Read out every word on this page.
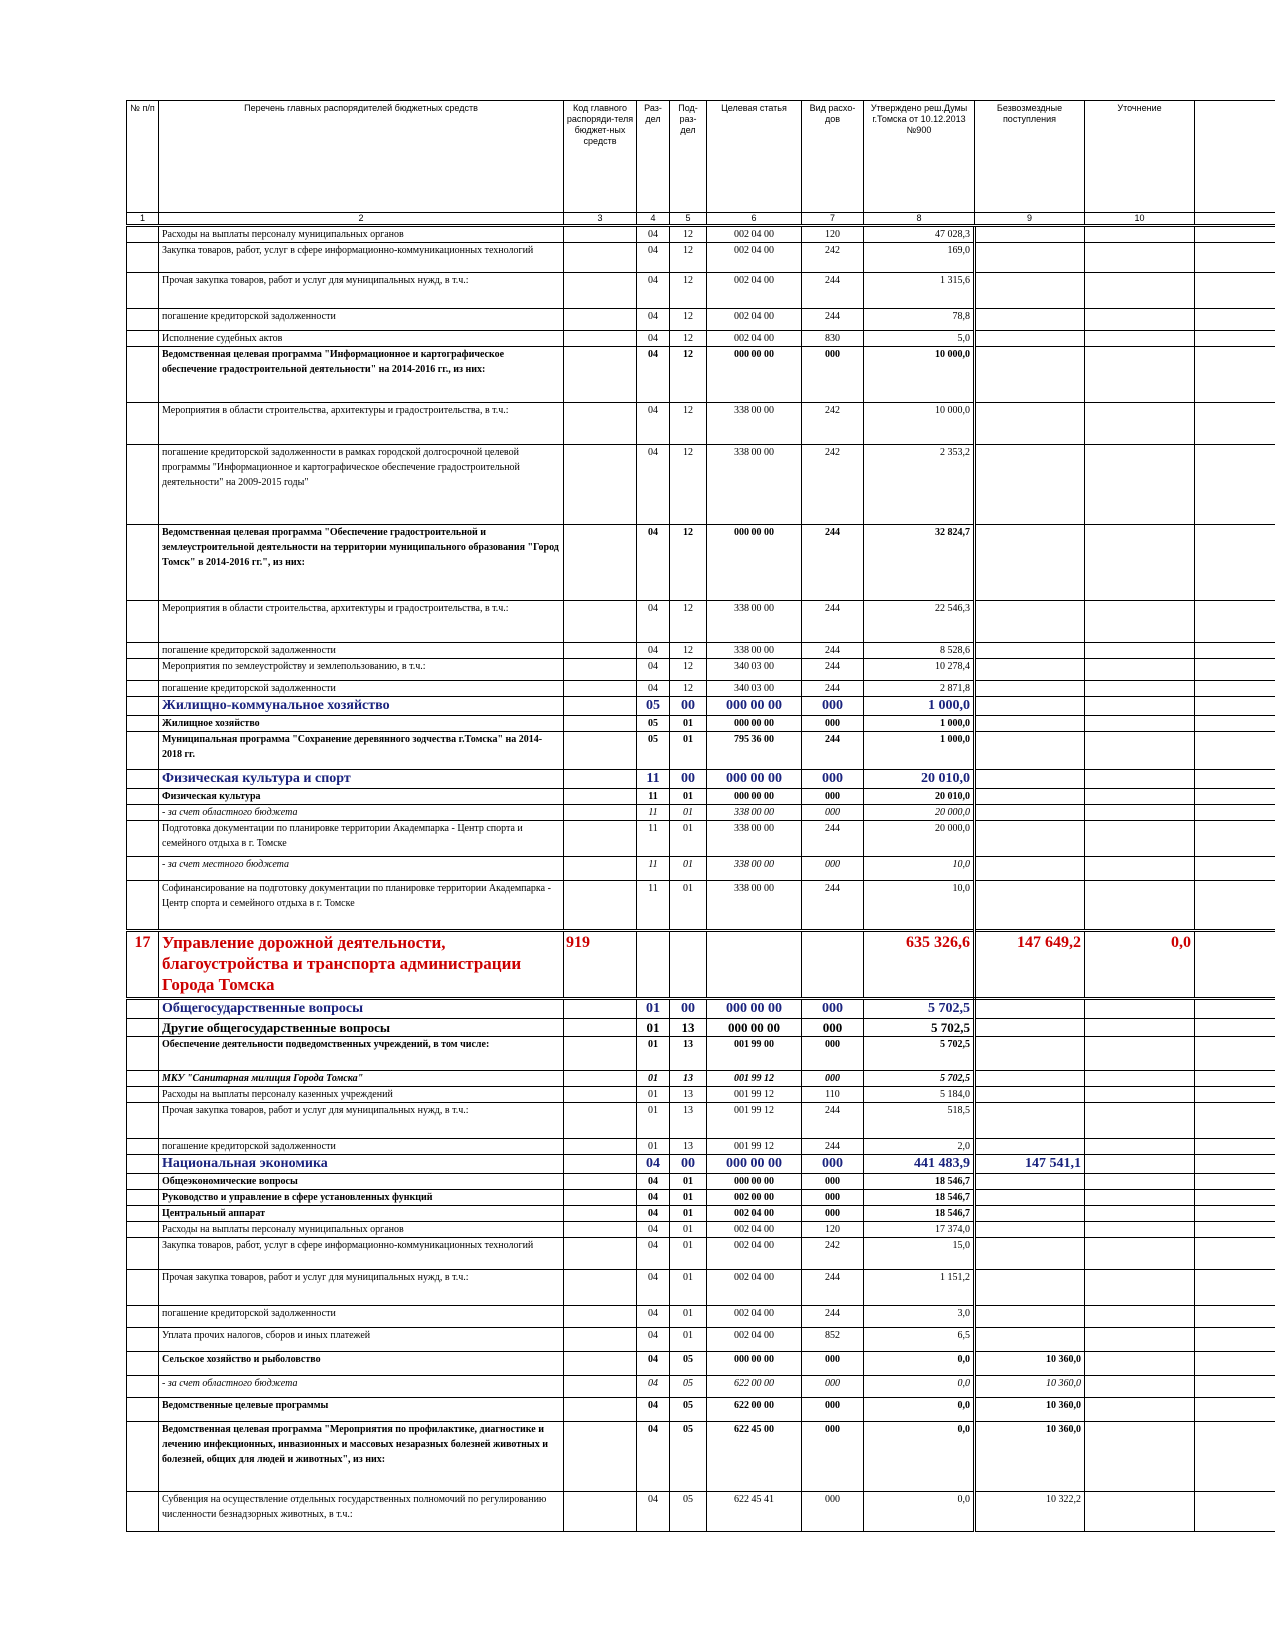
№ п/п	Перечень главных распорядителей бюджетных средств	Код главного распоряди-теля бюджет-ных средств	Раз-дел	Под-раз-дел	Целевая статья	Вид расхо-дов	Утверждено реш.Думы г.Томска от 10.12.2013 №900	Безвозмездные поступления	Уточнение	
1	2	3	4	5	6	7	8	9	10	
	Расходы на выплаты персоналу муниципальных органов		04	12	002 04 00	120	47 028,3			
	Закупка товаров, работ, услуг в сфере информационно-коммуникационных технологий		04	12	002 04 00	242	169,0			
	Прочая закупка товаров, работ и услуг для муниципальных нужд, в т.ч.:		04	12	002 04 00	244	1 315,6			
	погашение кредиторской задолженности		04	12	002 04 00	244	78,8			
	Исполнение судебных актов		04	12	002 04 00	830	5,0			
	Ведомственная целевая программа "Информационное и картографическое обеспечение градостроительной деятельности" на 2014-2016 гг., из них:		04	12	000 00 00	000	10 000,0			
	Мероприятия в области строительства, архитектуры и градостроительства, в т.ч.:		04	12	338 00 00	242	10 000,0			
	погашение кредиторской задолженности в рамках городской долгосрочной целевой программы "Информационное и картографическое обеспечение градостроительной деятельности" на 2009-2015 годы"		04	12	338 00 00	242	2 353,2			
	Ведомственная целевая программа "Обеспечение градостроительной и землеустроительной деятельности на территории муниципального образования "Город Томск" в 2014-2016 гг.", из них:		04	12	000 00 00	244	32 824,7			
	Мероприятия в области строительства, архитектуры и градостроительства, в т.ч.:		04	12	338 00 00	244	22 546,3			
	погашение кредиторской задолженности		04	12	338 00 00	244	8 528,6			
	Мероприятия по землеустройству и землепользованию, в т.ч.:		04	12	340 03 00	244	10 278,4			
	погашение кредиторской задолженности		04	12	340 03 00	244	2 871,8			
	Жилищно-коммунальное хозяйство		05	00	000 00 00	000	1 000,0			
	Жилищное хозяйство		05	01	000 00 00	000	1 000,0			
	Муниципальная программа "Сохранение деревянного зодчества г.Томска" на 2014-2018 гг.		05	01	795 36 00	244	1 000,0			
	Физическая культура и спорт		11	00	000 00 00	000	20 010,0			
	Физическая культура		11	01	000 00 00	000	20 010,0			
	- за счет областного бюджета		11	01	338 00 00	000	20 000,0			
	Подготовка документации по планировке территории Академпарка - Центр спорта и семейного отдыха в г. Томске		11	01	338 00 00	244	20 000,0			
	- за счет местного бюджета		11	01	338 00 00	000	10,0			
	Софинансирование на подготовку документации по планировке территории Академпарка - Центр спорта и семейного отдыха в г. Томске		11	01	338 00 00	244	10,0			
17	Управление дорожной деятельности, благоустройства и транспорта администрации Города Томска	919					635 326,6	147 649,2	0,0	
	Общегосударственные вопросы		01	00	000 00 00	000	5 702,5			
	Другие общегосударственные вопросы		01	13	000 00 00	000	5 702,5			
	Обеспечение деятельности подведомственных учреждений, в том числе:		01	13	001 99 00	000	5 702,5			
	МКУ "Санитарная милиция Города Томска"		01	13	001 99 12	000	5 702,5			
	Расходы на выплаты персоналу казенных учреждений		01	13	001 99 12	110	5 184,0			
	Прочая закупка товаров, работ и услуг для муниципальных нужд, в т.ч.:		01	13	001 99 12	244	518,5			
	погашение кредиторской задолженности		01	13	001 99 12	244	2,0			
	Национальная экономика		04	00	000 00 00	000	441 483,9	147 541,1		
	Общеэкономические вопросы		04	01	000 00 00	000	18 546,7			
	Руководство и управление в сфере установленных функций		04	01	002 00 00	000	18 546,7			
	Центральный аппарат		04	01	002 04 00	000	18 546,7			
	Расходы на выплаты персоналу муниципальных органов		04	01	002 04 00	120	17 374,0			
	Закупка товаров, работ, услуг в сфере информационно-коммуникационных технологий		04	01	002 04 00	242	15,0			
	Прочая закупка товаров, работ и услуг для муниципальных нужд, в т.ч.:		04	01	002 04 00	244	1 151,2			
	погашение кредиторской задолженности		04	01	002 04 00	244	3,0			
	Уплата прочих налогов, сборов и иных платежей		04	01	002 04 00	852	6,5			
	Сельское хозяйство и рыболовство		04	05	000 00 00	000	0,0	10 360,0		
	- за счет областного бюджета		04	05	622 00 00	000	0,0	10 360,0		
	Ведомственные целевые программы		04	05	622 00 00	000	0,0	10 360,0		
	Ведомственная целевая программа "Мероприятия по профилактике, диагностике и лечению инфекционных, инвазионных и массовых незаразных болезней животных и болезней, общих для людей и животных", из них:		04	05	622 45 00	000	0,0	10 360,0		
	Субвенция на осуществление отдельных государственных полномочий по регулированию численности безнадзорных животных, в т.ч.:		04	05	622 45 41	000	0,0	10 322,2		
